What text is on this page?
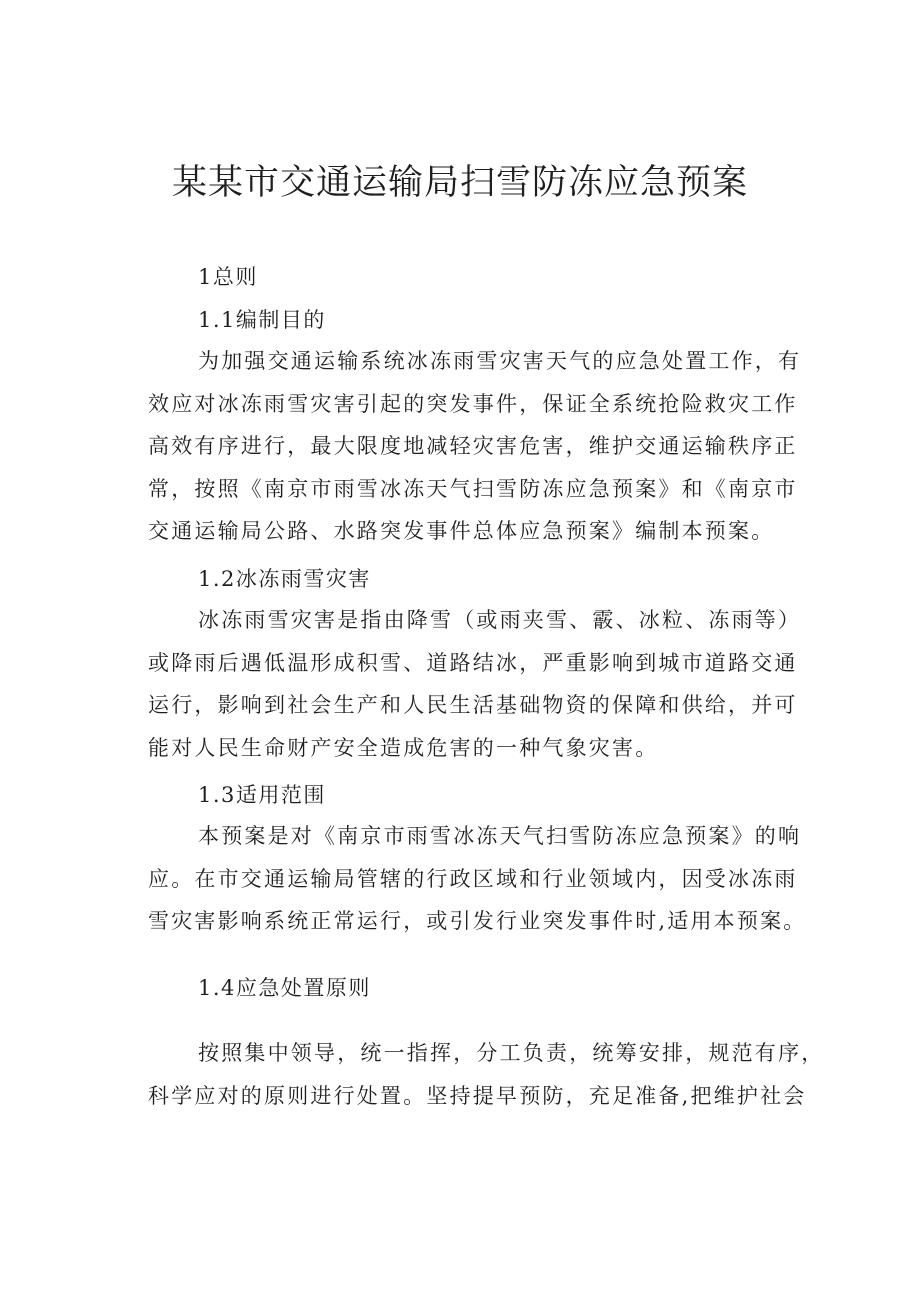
某某市交通运输局扫雪防冻应急预案

1总则

1.1编制目的

为加强交通运输系统冰冻雨雪灾害天气的应急处置工作，有
效应对冰冻雨雪灾害引起的突发事件，保证全系统抢险救灾工作
高效有序进行，最大限度地减轻灾害危害，维护交通运输秩序正
常，按照《南京市雨雪冰冻天气扫雪防冻应急预案》和《南京市
交通运输局公路、水路突发事件总体应急预案》编制本预案。

1.2冰冻雨雪灾害

冰冻雨雪灾害是指由降雪（或雨夹雪、霰、冰粒、冻雨等）
或降雨后遇低温形成积雪、道路结冰，严重影响到城市道路交通
运行，影响到社会生产和人民生活基础物资的保障和供给，并可
能对人民生命财产安全造成危害的一种气象灾害。

1.3适用范围

本预案是对《南京市雨雪冰冻天气扫雪防冻应急预案》的响
应。在市交通运输局管辖的行政区域和行业领域内，因受冰冻雨
雪灾害影响系统正常运行，或引发行业突发事件时,适用本预案。

1.4应急处置原则

按照集中领导，统一指挥，分工负责，统筹安排，规范有序，
科学应对的原则进行处置。坚持提早预防，充足准备,把维护社会
